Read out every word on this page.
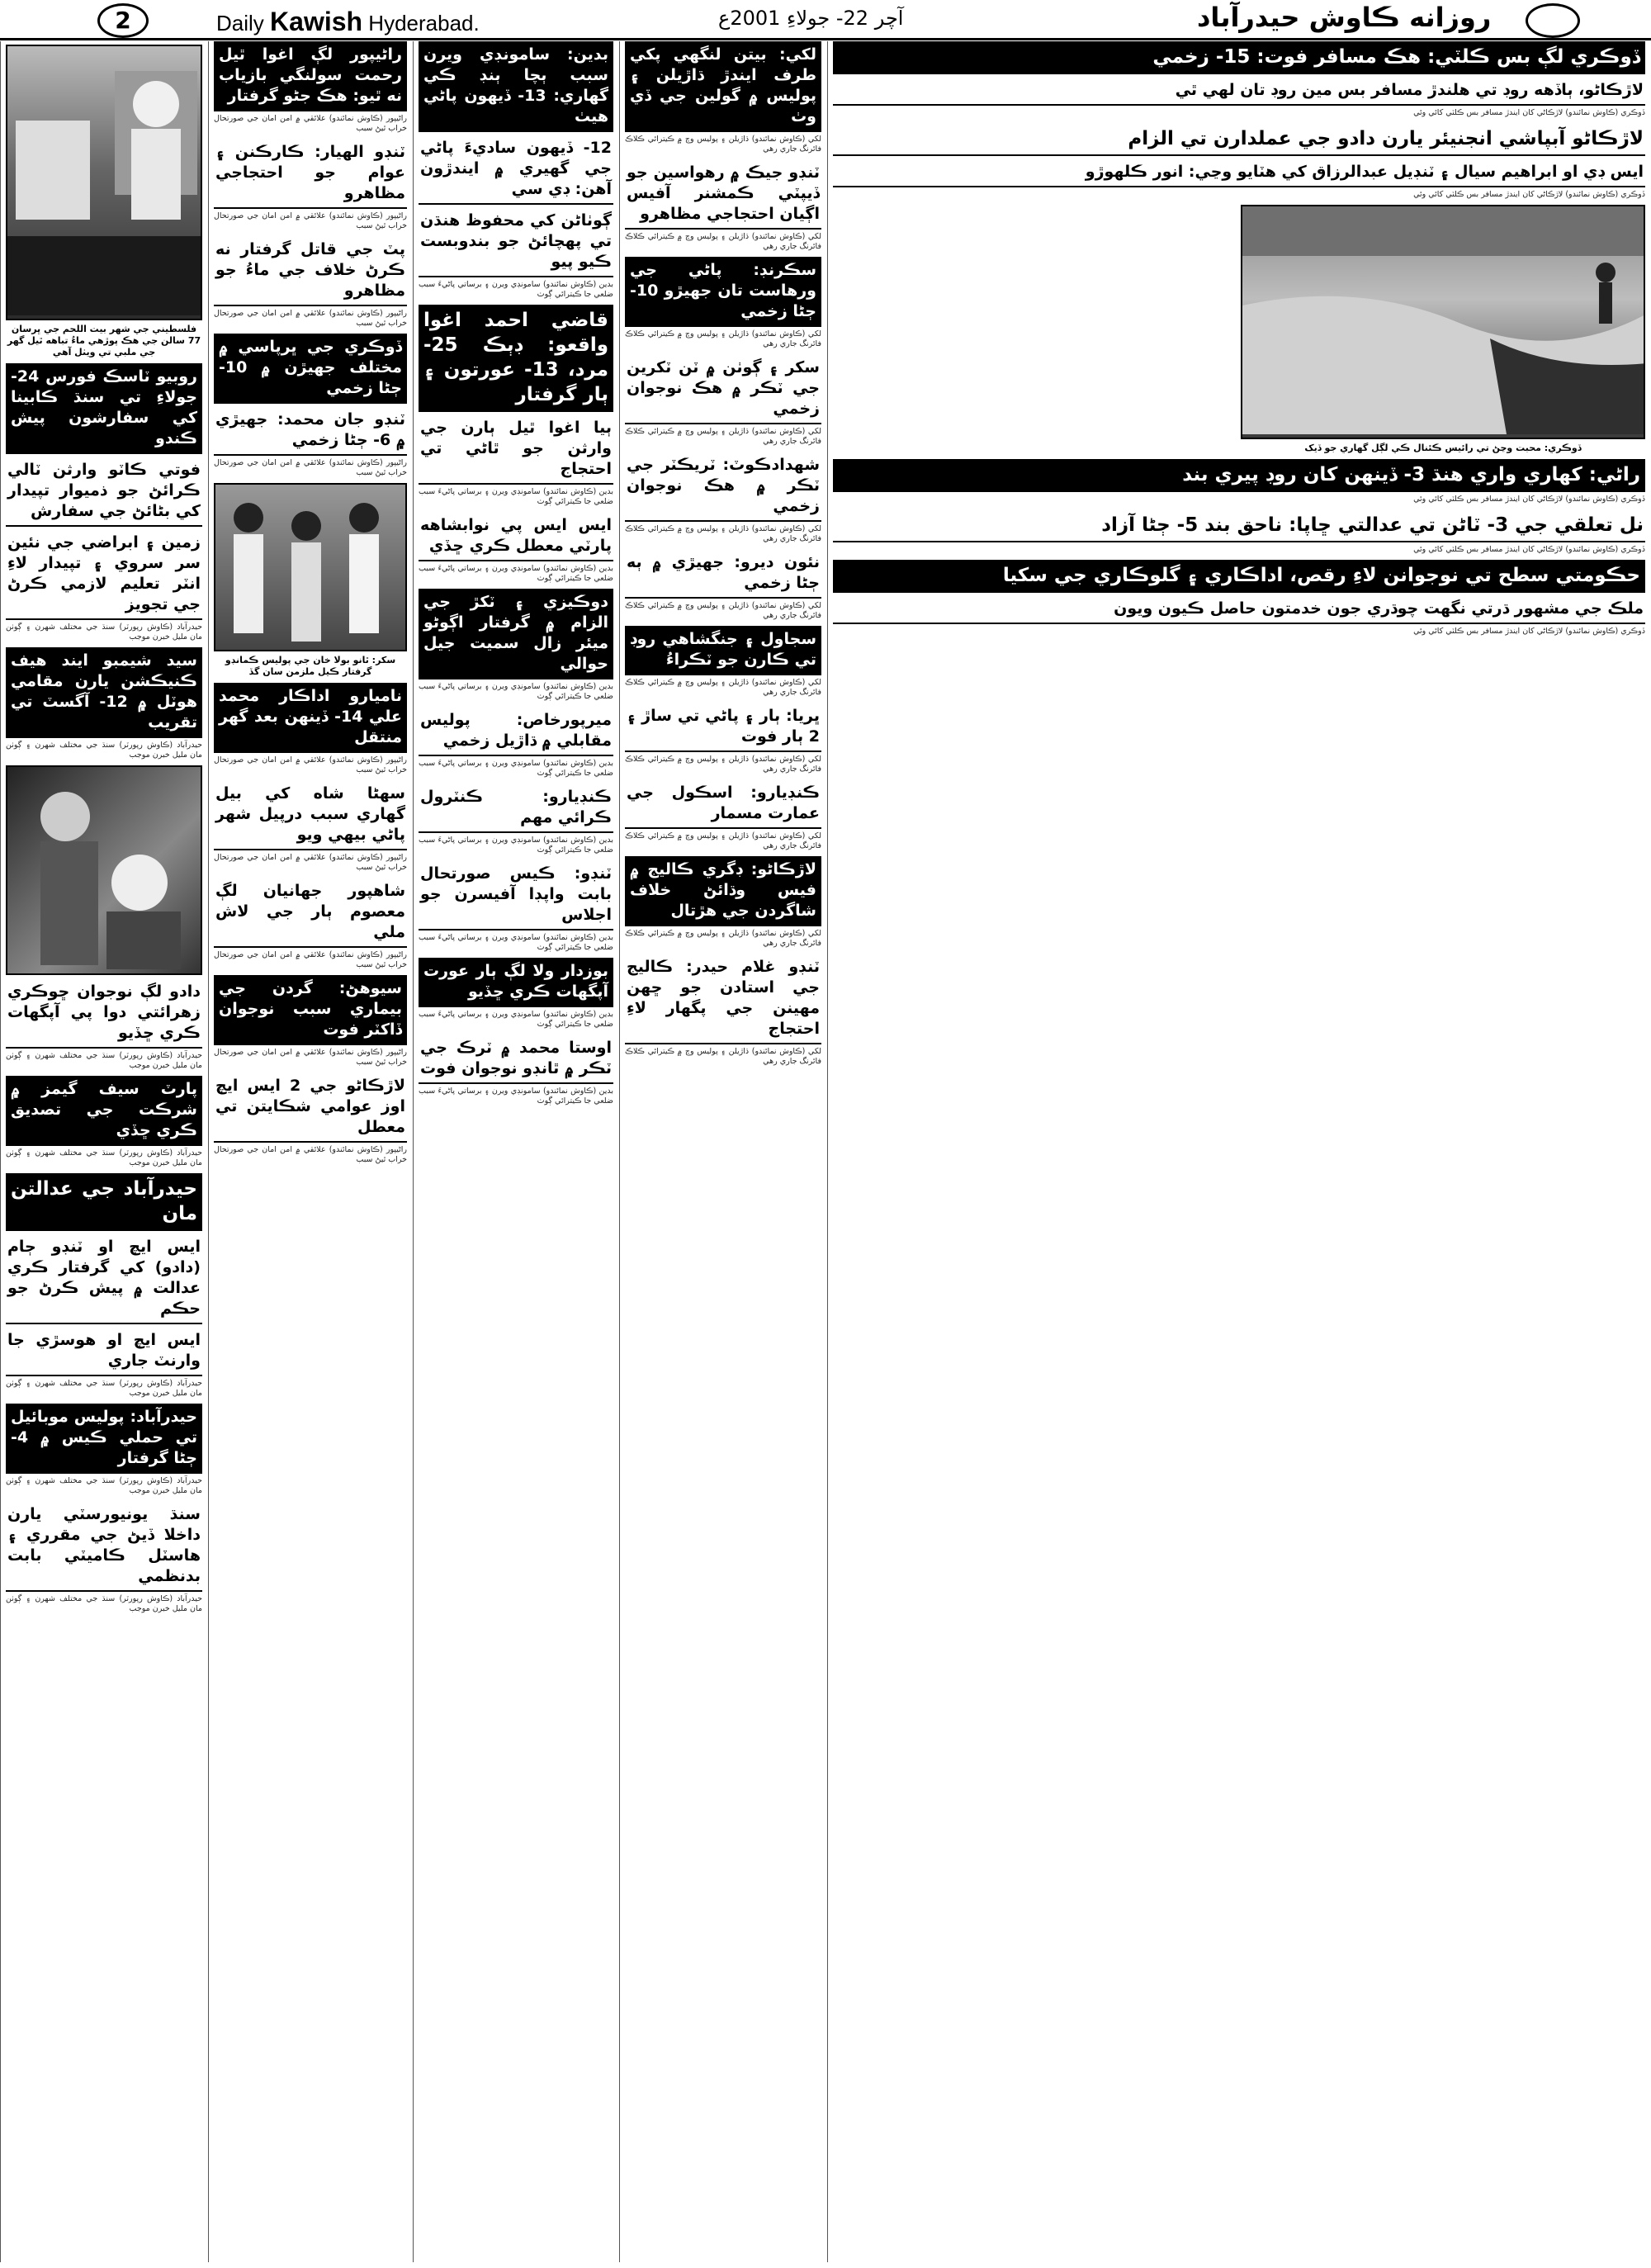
2	Daily Kawish Hyderabad.	آچر 22- جولاءِ 2001ع	روزانه ڪاوش حيدرآباد
فلسطيني جي شهر بيت اللحم جي ڀرسان 77 سالن جي هڪ پوڙهي ماءُ تباهه ٿيل گهر جي ملبي تي ويٺل آهي
روبيو ٽاسڪ فورس 24- جولاءِ تي سنڌ ڪابينا کي سفارشون پيش ڪندو
فوتي ڪاٽو وارثن ٽالي ڪرائڻ جو ذميوار تپيدار کي بڻائڻ جي سفارش
زمين ۽ ابراضي جي نئين سر سروي ۽ تپيدار لاءِ انٽر تعليم لازمي ڪرڻ جي تجويز
حيدرآباد (ڪاوش رپورٽر) سنڌ جي مختلف شهرن ۽ ڳوٺن مان مليل خبرن موجب
سيد شيمبو ايند هيف ڪنيڪشن يارن مقامي هوٽل ۾ 12- آگسٽ تي تقريب
حيدرآباد (ڪاوش رپورٽر) سنڌ جي مختلف شهرن ۽ ڳوٺن مان مليل خبرن موجب
دادو لڳ نوجوان ڇوڪري زهرائتي دوا پي آپگهات ڪري ڇڏيو
حيدرآباد (ڪاوش رپورٽر) سنڌ جي مختلف شهرن ۽ ڳوٺن مان مليل خبرن موجب
پارٽ سيف گيمز ۾ شرڪت جي تصديق ڪري ڇڏي
حيدرآباد (ڪاوش رپورٽر) سنڌ جي مختلف شهرن ۽ ڳوٺن مان مليل خبرن موجب
حيدرآباد جي عدالتن مان
ايس ايچ او ٽنڊو ڄام (دادو) کي گرفتار ڪري عدالت ۾ پيش ڪرڻ جو حڪم
ايس ايچ او هوسڙي جا وارنٽ جاري
حيدرآباد (ڪاوش رپورٽر) سنڌ جي مختلف شهرن ۽ ڳوٺن مان مليل خبرن موجب
حيدرآباد: پوليس موبائيل تي حملي ڪيس ۾ 4- ڄڻا گرفتار
حيدرآباد (ڪاوش رپورٽر) سنڌ جي مختلف شهرن ۽ ڳوٺن مان مليل خبرن موجب
سنڌ يونيورسٽي يارن داخلا ڏيڻ جي مقرري ۽ هاسٽل ڪاميٽي بابت بدنظمي
حيدرآباد (ڪاوش رپورٽر) سنڌ جي مختلف شهرن ۽ ڳوٺن مان مليل خبرن موجب
راڻيپور لڳ اغوا ٿيل رحمت سولنگي بازياب نه ٿيو: هڪ جڻو گرفتار
راڻيپور (ڪاوش نمائندو) علائقي ۾ امن امان جي صورتحال خراب ٿيڻ سبب
ٽنڊو الهيار: ڪارڪنن ۽ عوام جو احتجاجي مظاهرو
راڻيپور (ڪاوش نمائندو) علائقي ۾ امن امان جي صورتحال خراب ٿيڻ سبب
پٽ جي قاتل گرفتار نه ڪرڻ خلاف جي ماءُ جو مظاهرو
راڻيپور (ڪاوش نمائندو) علائقي ۾ امن امان جي صورتحال خراب ٿيڻ سبب
ڏوڪري جي ڀرپاسي ۾ مختلف جهيڙن ۾ 10- ڄڻا زخمي
ٽنڊو جان محمد: جهيڙي ۾ 6- ڄڻا زخمي
راڻيپور (ڪاوش نمائندو) علائقي ۾ امن امان جي صورتحال خراب ٿيڻ سبب
سکر: ٿانو بولا خان جي پوليس ڪمانڊو گرفتار ڪيل ملزمن سان گڏ
ناميارو اداڪار محمد علي 14- ڏينهن بعد گهر منتقل
راڻيپور (ڪاوش نمائندو) علائقي ۾ امن امان جي صورتحال خراب ٿيڻ سبب
سهڻا شاه کي بيل گهاري سبب درپيل شهر پاڻي بيهي ويو
راڻيپور (ڪاوش نمائندو) علائقي ۾ امن امان جي صورتحال خراب ٿيڻ سبب
شاهپور جهانيان لڳ معصوم ٻار جي لاش ملي
راڻيپور (ڪاوش نمائندو) علائقي ۾ امن امان جي صورتحال خراب ٿيڻ سبب
سيوهڻ: گردن جي بيماري سبب نوجوان ڏاکٽر فوت
راڻيپور (ڪاوش نمائندو) علائقي ۾ امن امان جي صورتحال خراب ٿيڻ سبب
لاڙڪاڻو جي 2 ايس ايچ اوز عوامي شڪايتن تي معطل
راڻيپور (ڪاوش نمائندو) علائقي ۾ امن امان جي صورتحال خراب ٿيڻ سبب
بدين: سامونڊي ويرن سبب ٻچا ٻنڊ ڪي گهاري: 13- ڏيهون پاڻي هيٺ
12- ڏيهون ساديءَ پاڻي جي گهيري ۾ ايندڙون آهن: ڊي سي
ڳوٺاڻن کي محفوظ هنڌن تي پهچائڻ جو بندوبست ڪيو پيو
بدين (ڪاوش نمائندو) سامونڊي ويرن ۽ برساتي پاڻيءَ سبب ضلعي جا ڪيترائي ڳوٺ
قاضي احمد اغوا واقعو: ڊٻڪ 25- مرد، 13- عورتون ۽ ٻار گرفتار
ٻيا اغوا ٿيل ٻارن جي وارثن جو ٿاڻي تي احتجاج
بدين (ڪاوش نمائندو) سامونڊي ويرن ۽ برساتي پاڻيءَ سبب ضلعي جا ڪيترائي ڳوٺ
ايس ايس پي نوابشاهه پارٽي معطل ڪري ڇڏي
بدين (ڪاوش نمائندو) سامونڊي ويرن ۽ برساتي پاڻيءَ سبب ضلعي جا ڪيترائي ڳوٺ
دوڪيزي ۽ ٽکڙ جي الزام ۾ گرفتار اڳوڻو ميئر زال سميت جيل حوالي
بدين (ڪاوش نمائندو) سامونڊي ويرن ۽ برساتي پاڻيءَ سبب ضلعي جا ڪيترائي ڳوٺ
ميرپورخاص: پوليس مقابلي ۾ ڌاڙيل زخمي
بدين (ڪاوش نمائندو) سامونڊي ويرن ۽ برساتي پاڻيءَ سبب ضلعي جا ڪيترائي ڳوٺ
ڪنڊيارو: ڪنٽرول ڪرائي مهم
بدين (ڪاوش نمائندو) سامونڊي ويرن ۽ برساتي پاڻيءَ سبب ضلعي جا ڪيترائي ڳوٺ
ٽنڊو: ڪيس صورتحال بابت واپڊا آفيسرن جو اجلاس
بدين (ڪاوش نمائندو) سامونڊي ويرن ۽ برساتي پاڻيءَ سبب ضلعي جا ڪيترائي ڳوٺ
بوزدار ولا لڳ ٻار عورت آپگهات ڪري ڇڏيو
بدين (ڪاوش نمائندو) سامونڊي ويرن ۽ برساتي پاڻيءَ سبب ضلعي جا ڪيترائي ڳوٺ
اوستا محمد ۾ ٽرڪ جي ٽڪر ۾ ٿانڊو نوجوان فوت
بدين (ڪاوش نمائندو) سامونڊي ويرن ۽ برساتي پاڻيءَ سبب ضلعي جا ڪيترائي ڳوٺ
لکي: بيتن لنگهي پکي طرف ايندڙ ڌاڙيلن ۽ پوليس ۾ گولين جي ڏي وٺ
لکي (ڪاوش نمائندو) ڌاڙيلن ۽ پوليس وچ ۾ ڪيترائي ڪلاڪ فائرنگ جاري رهي
ٽنڊو جيڪ ۾ رهواسين جو ڏيپٽي ڪمشنر آفيس اڳيان احتجاجي مظاهرو
لکي (ڪاوش نمائندو) ڌاڙيلن ۽ پوليس وچ ۾ ڪيترائي ڪلاڪ فائرنگ جاري رهي
سڪرنڊ: پاڻي جي ورهاست تان جهيڙو 10- ڄڻا زخمي
لکي (ڪاوش نمائندو) ڌاڙيلن ۽ پوليس وچ ۾ ڪيترائي ڪلاڪ فائرنگ جاري رهي
سکر ۽ ڳوٺن ۾ ٽن ٽکرين جي ٽڪر ۾ هڪ نوجوان زخمي
لکي (ڪاوش نمائندو) ڌاڙيلن ۽ پوليس وچ ۾ ڪيترائي ڪلاڪ فائرنگ جاري رهي
شهدادڪوٽ: ٽريڪٽر جي ٽڪر ۾ هڪ نوجوان زخمي
لکي (ڪاوش نمائندو) ڌاڙيلن ۽ پوليس وچ ۾ ڪيترائي ڪلاڪ فائرنگ جاري رهي
نئون ديرو: جهيڙي ۾ ٻه ڄڻا زخمي
لکي (ڪاوش نمائندو) ڌاڙيلن ۽ پوليس وچ ۾ ڪيترائي ڪلاڪ فائرنگ جاري رهي
سجاول ۽ جنگشاهي روڊ تي ڪارن جو ٽڪراءُ
لکي (ڪاوش نمائندو) ڌاڙيلن ۽ پوليس وچ ۾ ڪيترائي ڪلاڪ فائرنگ جاري رهي
ڀريا: ٻار ۽ پاڻي تي ساڙ ۽ 2 ٻار فوت
لکي (ڪاوش نمائندو) ڌاڙيلن ۽ پوليس وچ ۾ ڪيترائي ڪلاڪ فائرنگ جاري رهي
ڪنڊيارو: اسڪول جي عمارت مسمار
لکي (ڪاوش نمائندو) ڌاڙيلن ۽ پوليس وچ ۾ ڪيترائي ڪلاڪ فائرنگ جاري رهي
لاڙڪاڻو: ڊگري ڪاليج ۾ فيس وڌائڻ خلاف شاگردن جي هڙتال
لکي (ڪاوش نمائندو) ڌاڙيلن ۽ پوليس وچ ۾ ڪيترائي ڪلاڪ فائرنگ جاري رهي
ٽنڊو غلام حيدر: ڪاليج جي استادن جو ڇهن مهينن جي پگهار لاءِ احتجاج
لکي (ڪاوش نمائندو) ڌاڙيلن ۽ پوليس وچ ۾ ڪيترائي ڪلاڪ فائرنگ جاري رهي
ڏوڪري لڳ بس ڪلٽي: هڪ مسافر فوت: 15- زخمي
لاڙڪاڻو، ٻاڏهه روڊ تي هلندڙ مسافر بس مين روڊ تان لهي ٿي
ڏوڪري (ڪاوش نمائندو) لاڙڪاڻي کان ايندڙ مسافر بس ڪلٽي کائي وئي
لاڙڪاڻو آبپاشي انجنيئر يارن دادو جي عملدارن تي الزام
ايس ڊي او ابراهيم سيال ۽ ٽنڊيل عبدالرزاق کي هٽايو وڃي: انور ڪلهوڙو
ڏوڪري (ڪاوش نمائندو) لاڙڪاڻي کان ايندڙ مسافر بس ڪلٽي کائي وئي
ڏوڪري: محبت وڃڻ تي رائيس ڪئنال ڪي لڳل گهاري جو ڏيک
راڻي: کهاري واري هنڌ 3- ڏينهن کان روڊ پيري بند
ڏوڪري (ڪاوش نمائندو) لاڙڪاڻي کان ايندڙ مسافر بس ڪلٽي کائي وئي
نل تعلقي جي 3- ٽاڻن تي عدالتي ڇاپا: ناحق بند 5- ڄڻا آزاد
ڏوڪري (ڪاوش نمائندو) لاڙڪاڻي کان ايندڙ مسافر بس ڪلٽي کائي وئي
حڪومتي سطح تي نوجوانن لاءِ رقص، اداڪاري ۽ گلوڪاري جي سکيا
ملڪ جي مشهور ڌرتي نگهت چوڌري جون خدمتون حاصل ڪيون ويون
ڏوڪري (ڪاوش نمائندو) لاڙڪاڻي کان ايندڙ مسافر بس ڪلٽي کائي وئي
